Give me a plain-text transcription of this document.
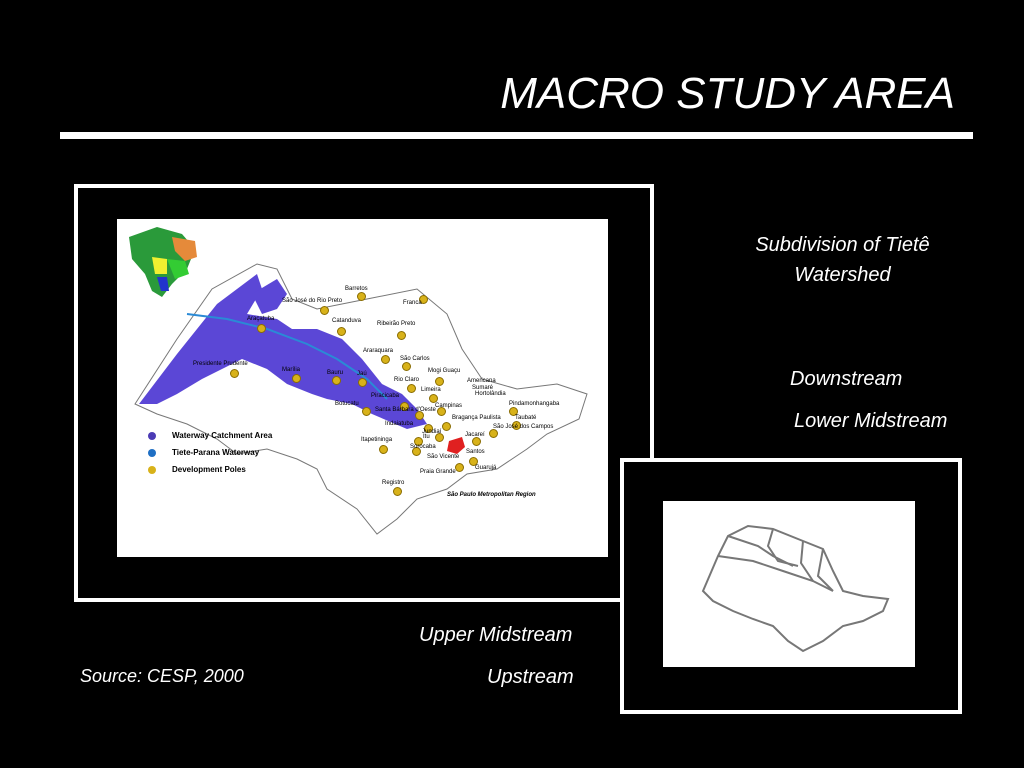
MACRO STUDY AREA
Barretos
São José do Rio Preto	Franca
Catanduva	Ribeirão Preto
Araçatuba
Araraquara
São Carlos
Presidente Prudente
Marília	Bauru Jaú	Mogi Guaçu
Americana
Sumaré
Hortolândia
Rio Claro
Limeira
Piracicaba
Botucatu
Santa Bárbara d'Oeste
Indaiatuba
Campinas	Pindamonhangaba
Taubaté
Bragança Paulista
São José dos Campos
Jundiaí	Jacareí
Itapetininga	Itu
Sorocaba
São Vicente
Santos
Praia Grande
Guarujá
Registro
São Paulo Metropolitan Region
Waterway Catchment Area
Tiete-Parana Waterway
Development Poles
Subdivision of Tietê Watershed
Downstream
Lower Midstream
Upper Midstream
Upstream
Source: CESP, 2000
